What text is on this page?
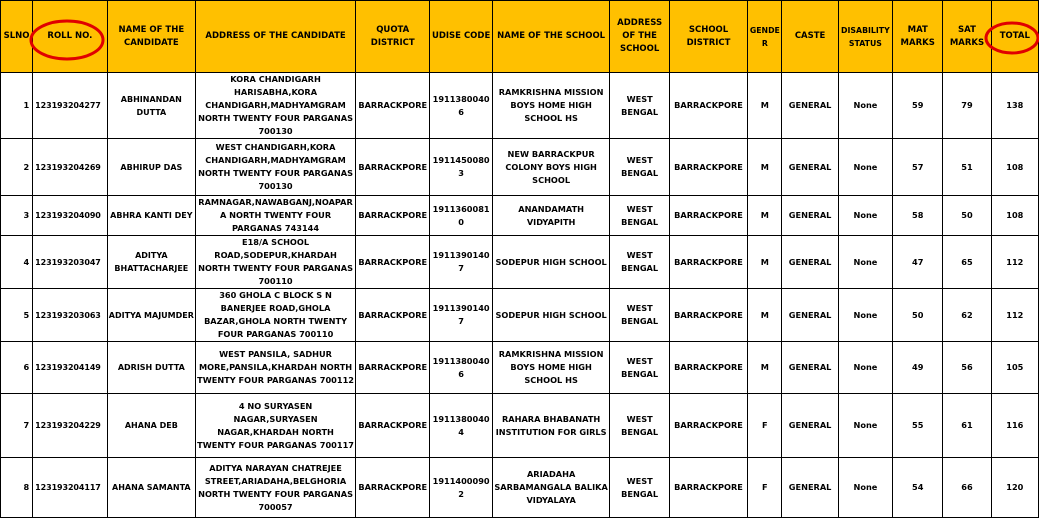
SLNO	ROLL NO.	NAME OF THE CANDIDATE	ADDRESS OF THE CANDIDATE	QUOTA DISTRICT	UDISE CODE	NAME OF THE SCHOOL	ADDRESS OF THE SCHOOL	SCHOOL DISTRICT	GENDER	CASTE	DISABILITY STATUS	MAT MARKS	SAT MARKS	TOTAL
1	123193204277	ABHINANDAN DUTTA	KORA CHANDIGARH HARISABHA,KORA CHANDIGARH,MADHYAMGRAM NORTH TWENTY FOUR PARGANAS 700130	BARRACKPORE	19113800406	RAMKRISHNA MISSION BOYS HOME HIGH SCHOOL HS	WEST BENGAL	BARRACKPORE	M	GENERAL	None	59	79	138
2	123193204269	ABHIRUP DAS	WEST CHANDIGARH,KORA CHANDIGARH,MADHYAMGRAM NORTH TWENTY FOUR PARGANAS 700130	BARRACKPORE	19114500803	NEW BARRACKPUR COLONY BOYS HIGH SCHOOL	WEST BENGAL	BARRACKPORE	M	GENERAL	None	57	51	108
3	123193204090	ABHRA KANTI DEY	RAMNAGAR,NAWABGANJ,NOAPARA NORTH TWENTY FOUR PARGANAS 743144	BARRACKPORE	19113600810	ANANDAMATH VIDYAPITH	WEST BENGAL	BARRACKPORE	M	GENERAL	None	58	50	108
4	123193203047	ADITYA BHATTACHARJEE	E18/A SCHOOL ROAD,SODEPUR,KHARDAH NORTH TWENTY FOUR PARGANAS 700110	BARRACKPORE	19113901407	SODEPUR HIGH SCHOOL	WEST BENGAL	BARRACKPORE	M	GENERAL	None	47	65	112
5	123193203063	ADITYA MAJUMDER	360 GHOLA C BLOCK S N BANERJEE ROAD,GHOLA BAZAR,GHOLA NORTH TWENTY FOUR PARGANAS 700110	BARRACKPORE	19113901407	SODEPUR HIGH SCHOOL	WEST BENGAL	BARRACKPORE	M	GENERAL	None	50	62	112
6	123193204149	ADRISH DUTTA	WEST PANSILA, SADHUR MORE,PANSILA,KHARDAH NORTH TWENTY FOUR PARGANAS 700112	BARRACKPORE	19113800406	RAMKRISHNA MISSION BOYS HOME HIGH SCHOOL HS	WEST BENGAL	BARRACKPORE	M	GENERAL	None	49	56	105
7	123193204229	AHANA DEB	4 NO SURYASEN NAGAR,SURYASEN NAGAR,KHARDAH NORTH TWENTY FOUR PARGANAS 700117	BARRACKPORE	19113800404	RAHARA BHABANATH INSTITUTION FOR GIRLS	WEST BENGAL	BARRACKPORE	F	GENERAL	None	55	61	116
8	123193204117	AHANA SAMANTA	ADITYA NARAYAN CHATREJEE STREET,ARIADAHA,BELGHORIA NORTH TWENTY FOUR PARGANAS 700057	BARRACKPORE	19114000902	ARIADAHA SARBAMANGALA BALIKA VIDYALAYA	WEST BENGAL	BARRACKPORE	F	GENERAL	None	54	66	120
